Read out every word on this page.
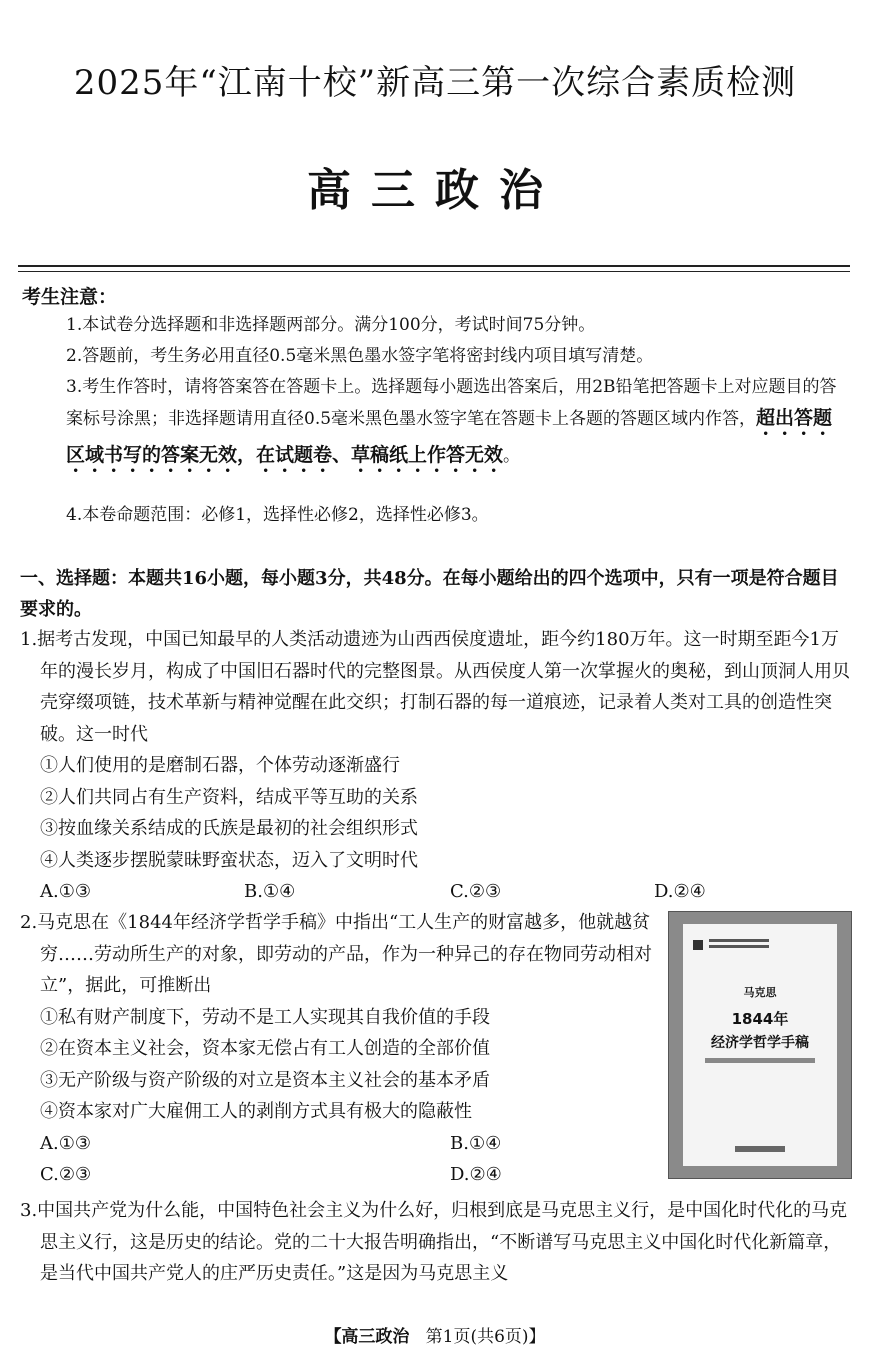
2025年“江南十校”新高三第一次综合素质检测
高三政治
考生注意：
1.本试卷分选择题和非选择题两部分。满分100分，考试时间75分钟。
2.答题前，考生务必用直径0.5毫米黑色墨水签字笔将密封线内项目填写清楚。
3.考生作答时，请将答案答在答题卡上。选择题每小题选出答案后，用2B铅笔把答题卡上对应题目的答案标号涂黑；非选择题请用直径0.5毫米黑色墨水签字笔在答题卡上各题的答题区域内作答，超出答题区域书写的答案无效，在试题卷、草稿纸上作答无效。
4.本卷命题范围：必修1，选择性必修2，选择性必修3。
一、选择题：本题共16小题，每小题3分，共48分。在每小题给出的四个选项中，只有一项是符合题目要求的。
1.据考古发现，中国已知最早的人类活动遗迹为山西西侯度遗址，距今约180万年。这一时期至距今1万年的漫长岁月，构成了中国旧石器时代的完整图景。从西侯度人第一次掌握火的奥秘，到山顶洞人用贝壳穿缀项链，技术革新与精神觉醒在此交织；打制石器的每一道痕迹，记录着人类对工具的创造性突破。这一时代
①人们使用的是磨制石器，个体劳动逐渐盛行
②人们共同占有生产资料，结成平等互助的关系
③按血缘关系结成的氏族是最初的社会组织形式
④人类逐步摆脱蒙昧野蛮状态，迈入了文明时代
A.①③	B.①④	C.②③	D.②④
2.马克思在《1844年经济学哲学手稿》中指出“工人生产的财富越多，他就越贫穷……劳动所生产的对象，即劳动的产品，作为一种异己的存在物同劳动相对立”，据此，可推断出
①私有财产制度下，劳动不是工人实现其自我价值的手段
②在资本主义社会，资本家无偿占有工人创造的全部价值
③无产阶级与资产阶级的对立是资本主义社会的基本矛盾
④资本家对广大雇佣工人的剥削方式具有极大的隐蔽性
A.①③	B.①④
C.②③	D.②④
马克思
1844年
经济学哲学手稿
3.中国共产党为什么能，中国特色社会主义为什么好，归根到底是马克思主义行，是中国化时代化的马克思主义行，这是历史的结论。党的二十大报告明确指出，“不断谱写马克思主义中国化时代化新篇章，是当代中国共产党人的庄严历史责任。”这是因为马克思主义
【高三政治 第1页(共6页)】
